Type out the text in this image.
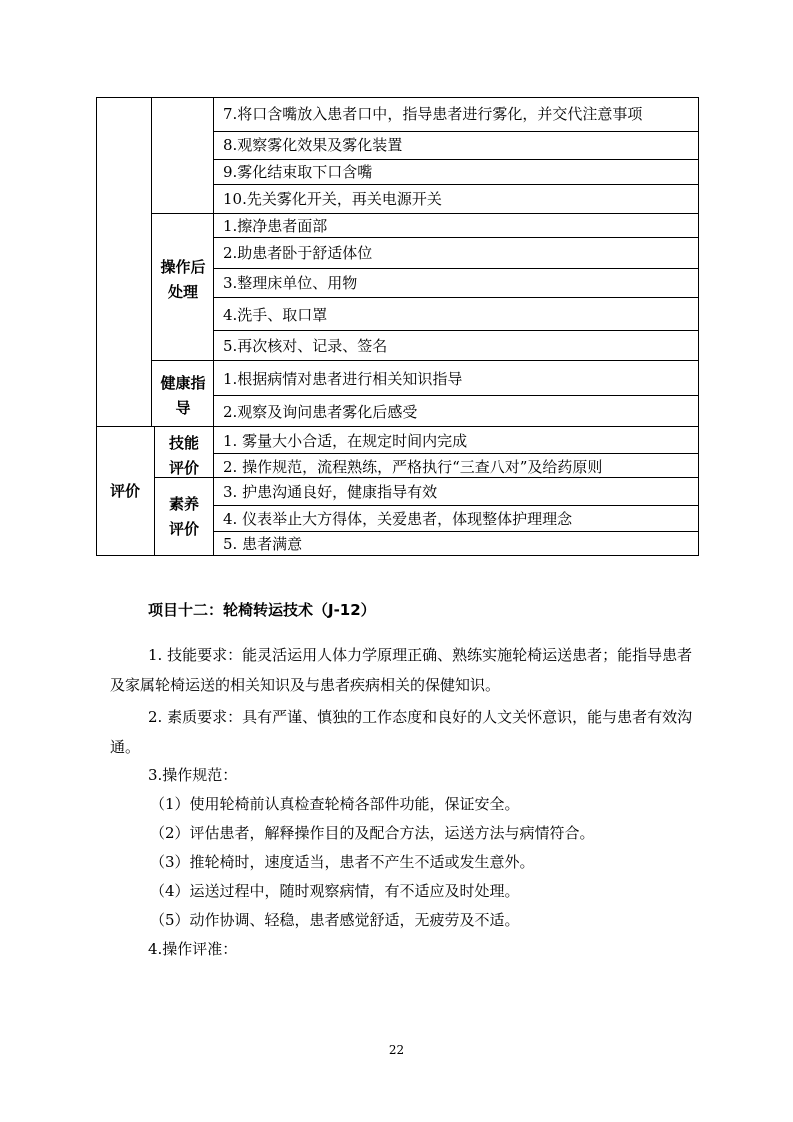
7.将口含嘴放入患者口中，指导患者进行雾化，并交代注意事项
8.观察雾化效果及雾化装置
9.雾化结束取下口含嘴
10.先关雾化开关，再关电源开关
操作后
处理
1.擦净患者面部
2.助患者卧于舒适体位
3.整理床单位、用物
4.洗手、取口罩
5.再次核对、记录、签名
健康指
导
1.根据病情对患者进行相关知识指导
2.观察及询问患者雾化后感受
评价
技能
评价
素养
评价
1. 雾量大小合适，在规定时间内完成
2. 操作规范，流程熟练，严格执行“三查八对”及给药原则
3. 护患沟通良好，健康指导有效
4. 仪表举止大方得体，关爱患者，体现整体护理理念
5. 患者满意
项目十二：轮椅转运技术（J-12）

1. 技能要求：能灵活运用人体力学原理正确、熟练实施轮椅运送患者；能指导患者及家属轮椅运送的相关知识及与患者疾病相关的保健知识。

2. 素质要求：具有严谨、慎独的工作态度和良好的人文关怀意识，能与患者有效沟通。

3.操作规范：
（1）使用轮椅前认真检查轮椅各部件功能，保证安全。
（2）评估患者，解释操作目的及配合方法，运送方法与病情符合。
（3）推轮椅时，速度适当，患者不产生不适或发生意外。
（4）运送过程中，随时观察病情，有不适应及时处理。
（5）动作协调、轻稳，患者感觉舒适，无疲劳及不适。
4.操作评准：
22
